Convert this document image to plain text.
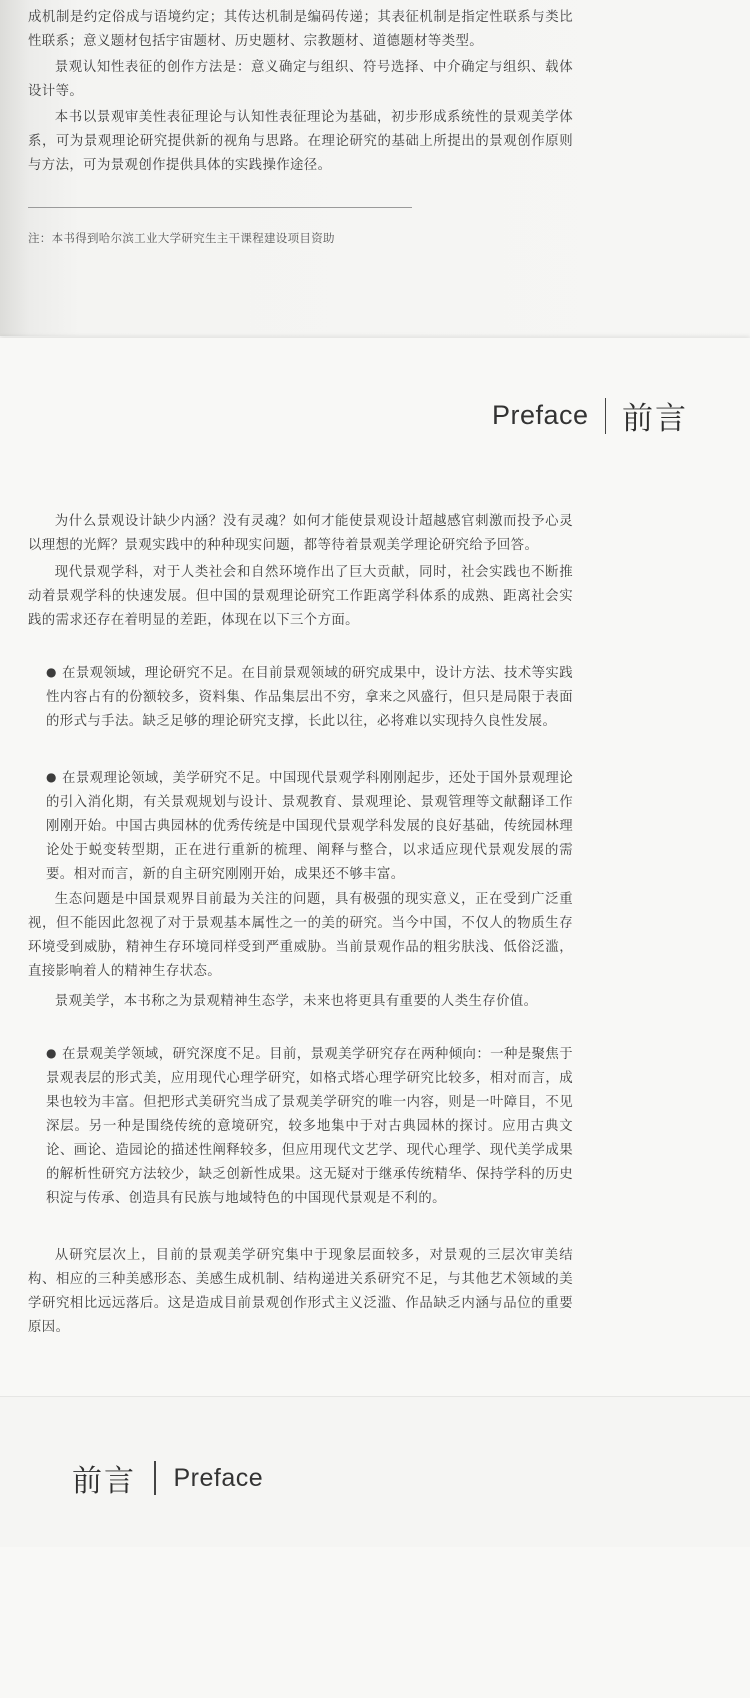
成机制是约定俗成与语境约定；其传达机制是编码传递；其表征机制是指定性联系与类比性联系；意义题材包括宇宙题材、历史题材、宗教题材、道德题材等类型。

景观认知性表征的创作方法是：意义确定与组织、符号选择、中介确定与组织、载体设计等。

本书以景观审美性表征理论与认知性表征理论为基础，初步形成系统性的景观美学体系，可为景观理论研究提供新的视角与思路。在理论研究的基础上所提出的景观创作原则与方法，可为景观创作提供具体的实践操作途径。

注：本书得到哈尔滨工业大学研究生主干课程建设项目资助
Preface 前言

为什么景观设计缺少内涵？没有灵魂？如何才能使景观设计超越感官刺激而投予心灵以理想的光辉？景观实践中的种种现实问题，都等待着景观美学理论研究给予回答。

现代景观学科，对于人类社会和自然环境作出了巨大贡献，同时，社会实践也不断推动着景观学科的快速发展。但中国的景观理论研究工作距离学科体系的成熟、距离社会实践的需求还存在着明显的差距，体现在以下三个方面。

● 在景观领域，理论研究不足。在目前景观领域的研究成果中，设计方法、技术等实践性内容占有的份额较多，资料集、作品集层出不穷，拿来之风盛行，但只是局限于表面的形式与手法。缺乏足够的理论研究支撑，长此以往，必将难以实现持久良性发展。

● 在景观理论领域，美学研究不足。中国现代景观学科刚刚起步，还处于国外景观理论的引入消化期，有关景观规划与设计、景观教育、景观理论、景观管理等文献翻译工作刚刚开始。中国古典园林的优秀传统是中国现代景观学科发展的良好基础，传统园林理论处于蜕变转型期，正在进行重新的梳理、阐释与整合，以求适应现代景观发展的需要。相对而言，新的自主研究刚刚开始，成果还不够丰富。

生态问题是中国景观界目前最为关注的问题，具有极强的现实意义，正在受到广泛重视，但不能因此忽视了对于景观基本属性之一的美的研究。当今中国，不仅人的物质生存环境受到威胁，精神生存环境同样受到严重威胁。当前景观作品的粗劣肤浅、低俗泛滥，直接影响着人的精神生存状态。

景观美学，本书称之为景观精神生态学，未来也将更具有重要的人类生存价值。

● 在景观美学领域，研究深度不足。目前，景观美学研究存在两种倾向：一种是聚焦于景观表层的形式美，应用现代心理学研究，如格式塔心理学研究比较多，相对而言，成果也较为丰富。但把形式美研究当成了景观美学研究的唯一内容，则是一叶障目，不见深层。另一种是围绕传统的意境研究，较多地集中于对古典园林的探讨。应用古典文论、画论、造园论的描述性阐释较多，但应用现代文艺学、现代心理学、现代美学成果的解析性研究方法较少，缺乏创新性成果。这无疑对于继承传统精华、保持学科的历史积淀与传承、创造具有民族与地域特色的中国现代景观是不利的。

从研究层次上，目前的景观美学研究集中于现象层面较多，对景观的三层次审美结构、相应的三种美感形态、美感生成机制、结构递进关系研究不足，与其他艺术领域的美学研究相比远远落后。这是造成目前景观创作形式主义泛滥、作品缺乏内涵与品位的重要原因。

前言 Preface
